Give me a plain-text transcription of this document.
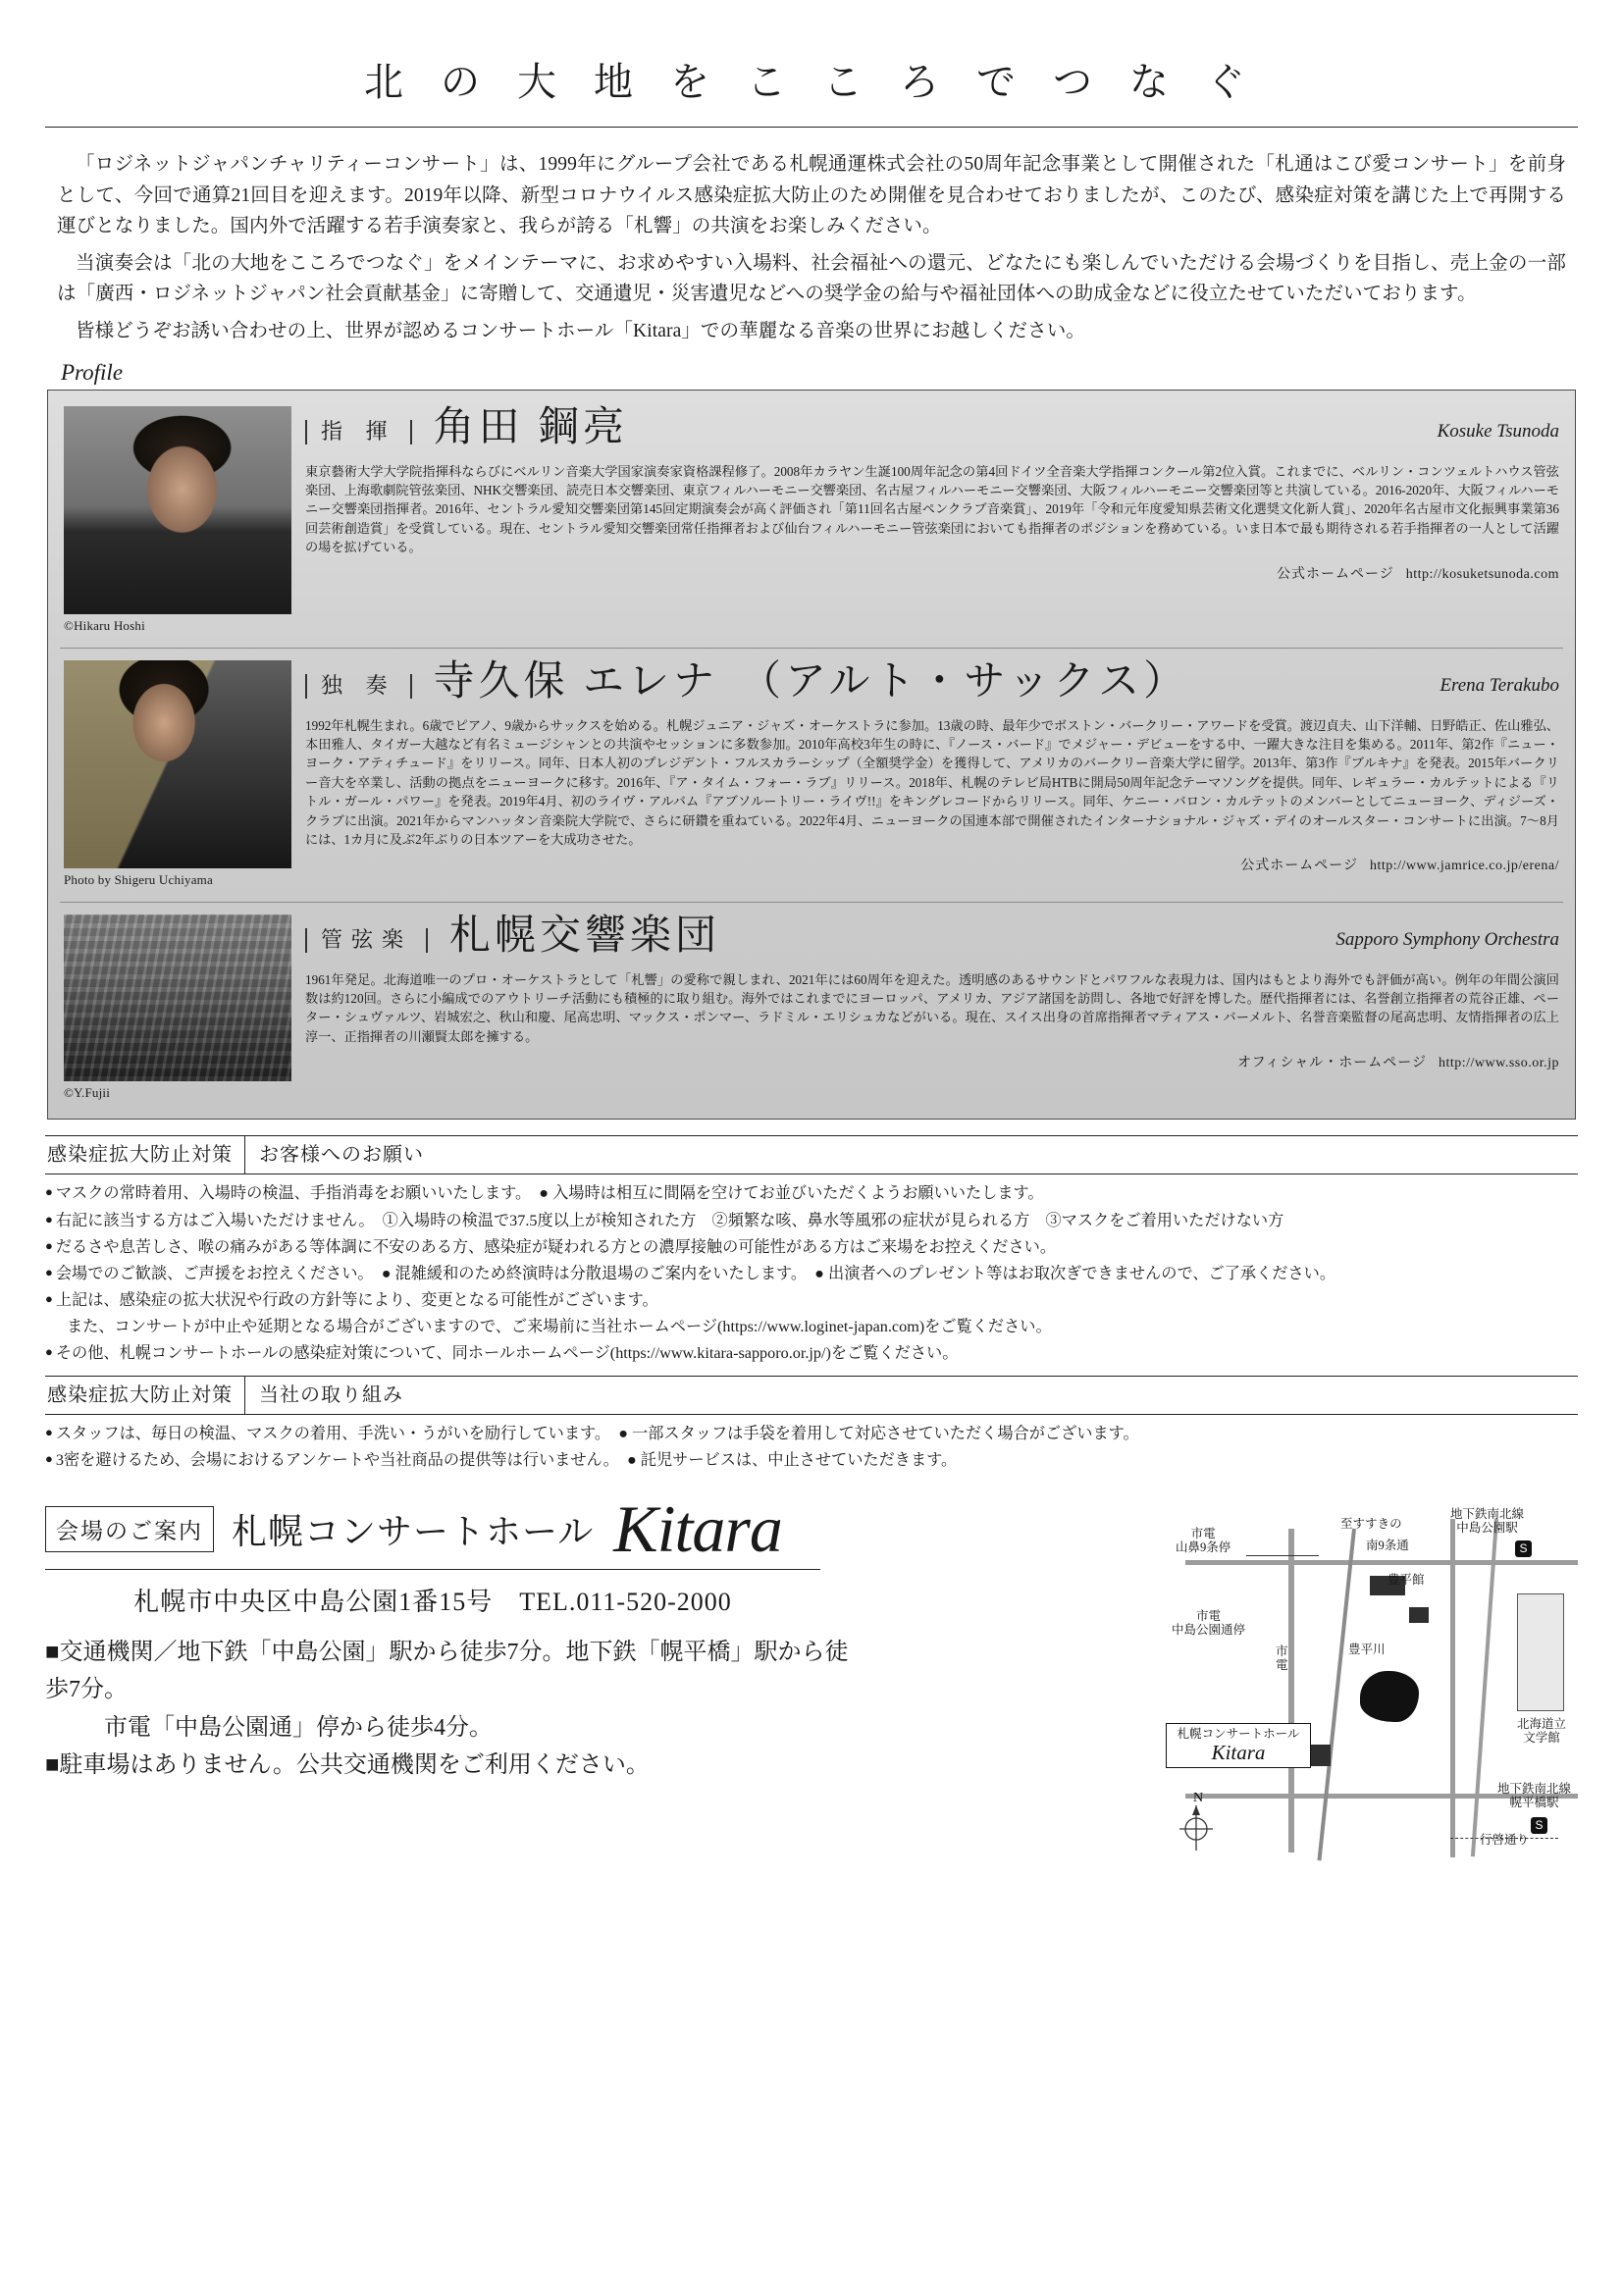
北 の 大 地 を こ こ ろ で つ な ぐ

「ロジネットジャパンチャリティーコンサート」は、1999年にグループ会社である札幌通運株式会社の50周年記念事業として開催された「札通はこび愛コンサート」を前身として、今回で通算21回目を迎えます。2019年以降、新型コロナウイルス感染症拡大防止のため開催を見合わせておりましたが、このたび、感染症対策を講じた上で再開する運びとなりました。国内外で活躍する若手演奏家と、我らが誇る「札響」の共演をお楽しみください。

当演奏会は「北の大地をこころでつなぐ」をメインテーマに、お求めやすい入場料、社会福祉への還元、どなたにも楽しんでいただける会場づくりを目指し、売上金の一部は「廣西・ロジネットジャパン社会貢献基金」に寄贈して、交通遺児・災害遺児などへの奨学金の給与や福祉団体への助成金などに役立たせていただいております。

皆様どうぞお誘い合わせの上、世界が認めるコンサートホール「Kitara」での華麗なる音楽の世界にお越しください。

Profile
©Hikaru Hoshi
指 揮 角田 鋼亮	Kosuke Tsunoda
東京藝術大学大学院指揮科ならびにベルリン音楽大学国家演奏家資格課程修了。2008年カラヤン生誕100周年記念の第4回ドイツ全音楽大学指揮コンクール第2位入賞。これまでに、ベルリン・コンツェルトハウス管弦楽団、上海歌劇院管弦楽団、NHK交響楽団、読売日本交響楽団、東京フィルハーモニー交響楽団、名古屋フィルハーモニー交響楽団、大阪フィルハーモニー交響楽団等と共演している。2016-2020年、大阪フィルハーモニー交響楽団指揮者。2016年、セントラル愛知交響楽団第145回定期演奏会が高く評価され「第11回名古屋ペンクラブ音楽賞」、2019年「令和元年度愛知県芸術文化選奨文化新人賞」、2020年名古屋市文化振興事業第36回芸術創造賞」を受賞している。現在、セントラル愛知交響楽団常任指揮者および仙台フィルハーモニー管弦楽団においても指揮者のポジションを務めている。いま日本で最も期待される若手指揮者の一人として活躍の場を拡げている。
公式ホームページ http://kosuketsunoda.com
Photo by Shigeru Uchiyama
独 奏 寺久保 エレナ （アルト・サックス）	Erena Terakubo
1992年札幌生まれ。6歳でピアノ、9歳からサックスを始める。札幌ジュニア・ジャズ・オーケストラに参加。13歳の時、最年少でボストン・バークリー・アワードを受賞。渡辺貞夫、山下洋輔、日野皓正、佐山雅弘、本田雅人、タイガー大越など有名ミュージシャンとの共演やセッションに多数参加。2010年高校3年生の時に、『ノース・バード』でメジャー・デビューをする中、一躍大きな注目を集める。2011年、第2作『ニュー・ヨーク・アティチュード』をリリース。同年、日本人初のプレジデント・フルスカラーシップ（全額奨学金）を獲得して、アメリカのバークリー音楽大学に留学。2013年、第3作『ブルキナ』を発表。2015年バークリー音大を卒業し、活動の拠点をニューヨークに移す。2016年、『ア・タイム・フォー・ラブ』リリース。2018年、札幌のテレビ局HTBに開局50周年記念テーマソングを提供。同年、レギュラー・カルテットによる『リトル・ガール・パワー』を発表。2019年4月、初のライヴ・アルバム『アブソルートリー・ライヴ!!』をキングレコードからリリース。同年、ケニー・バロン・カルテットのメンバーとしてニューヨーク、ディジーズ・クラブに出演。2021年からマンハッタン音楽院大学院で、さらに研鑽を重ねている。2022年4月、ニューヨークの国連本部で開催されたインターナショナル・ジャズ・デイのオールスター・コンサートに出演。7〜8月には、1カ月に及ぶ2年ぶりの日本ツアーを大成功させた。
公式ホームページ http://www.jamrice.co.jp/erena/
©Y.Fujii
管弦楽 札幌交響楽団	Sapporo Symphony Orchestra
1961年発足。北海道唯一のプロ・オーケストラとして「札響」の愛称で親しまれ、2021年には60周年を迎えた。透明感のあるサウンドとパワフルな表現力は、国内はもとより海外でも評価が高い。例年の年間公演回数は約120回。さらに小編成でのアウトリーチ活動にも積極的に取り組む。海外ではこれまでにヨーロッパ、アメリカ、アジア諸国を訪問し、各地で好評を博した。歴代指揮者には、名誉創立指揮者の荒谷正雄、ペーター・シュヴァルツ、岩城宏之、秋山和慶、尾高忠明、マックス・ポンマー、ラドミル・エリシュカなどがいる。現在、スイス出身の首席指揮者マティアス・バーメルト、名誉音楽監督の尾高忠明、友情指揮者の広上淳一、正指揮者の川瀬賢太郎を擁する。
オフィシャル・ホームページ http://www.sso.or.jp
感染症拡大防止対策	お客様へのお願い
● マスクの常時着用、入場時の検温、手指消毒をお願いいたします。　● 入場時は相互に間隔を空けてお並びいただくようお願いいたします。
● 右記に該当する方はご入場いただけません。　①入場時の検温で37.5度以上が検知された方　②頻繁な咳、鼻水等風邪の症状が見られる方　③マスクをご着用いただけない方
● だるさや息苦しさ、喉の痛みがある等体調に不安のある方、感染症が疑われる方との濃厚接触の可能性がある方はご来場をお控えください。
● 会場でのご歓談、ご声援をお控えください。　● 混雑緩和のため終演時は分散退場のご案内をいたします。　● 出演者へのプレゼント等はお取次ぎできませんので、ご了承ください。
● 上記は、感染症の拡大状況や行政の方針等により、変更となる可能性がございます。
また、コンサートが中止や延期となる場合がございますので、ご来場前に当社ホームページ(https://www.loginet-japan.com)をご覧ください。
● その他、札幌コンサートホールの感染症対策について、同ホールホームページ(https://www.kitara-sapporo.or.jp/)をご覧ください。
感染症拡大防止対策	当社の取り組み
● スタッフは、毎日の検温、マスクの着用、手洗い・うがいを励行しています。　● 一部スタッフは手袋を着用して対応させていただく場合がございます。
● 3密を避けるため、会場におけるアンケートや当社商品の提供等は行いません。　● 託児サービスは、中止させていただきます。
会場のご案内 札幌コンサートホール Kitara
札幌市中央区中島公園1番15号　TEL.011-520-2000
■交通機関／地下鉄「中島公園」駅から徒歩7分。地下鉄「幌平橋」駅から徒歩7分。
市電「中島公園通」停から徒歩4分。
■駐車場はありません。公共交通機関をご利用ください。
至すすきの
地下鉄南北線
中島公園駅
市電
山鼻9条停	南9条通
豊平館
市電
中島公園通停
市
電
豊平川
北海道立
文学館
地下鉄南北線
幌平橋駅
行啓通り
S
S
札幌コンサートホール
Kitara
N
